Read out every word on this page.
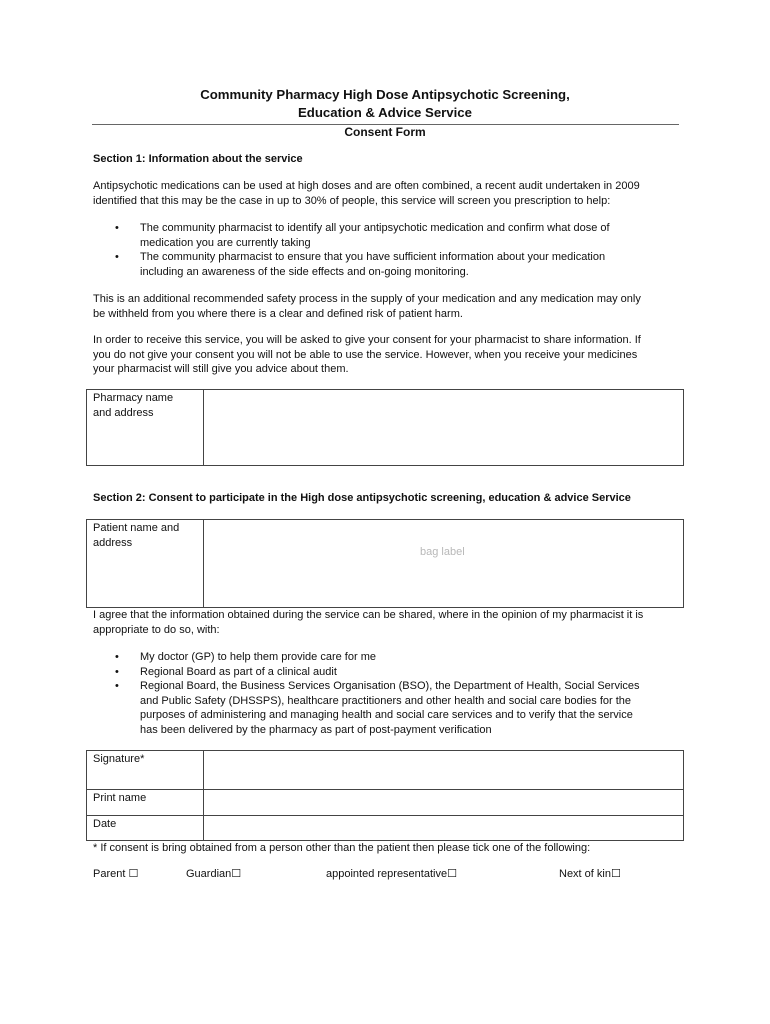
Community Pharmacy High Dose Antipsychotic Screening,
Education & Advice Service
Consent Form
Section 1: Information about the service
Antipsychotic medications can be used at high doses and are often combined, a recent audit undertaken in 2009
identified that this may be the case in up to 30% of people, this service will screen you prescription to help:
• The community pharmacist to identify all your antipsychotic medication and confirm what dose of
medication you are currently taking
• The community pharmacist to ensure that you have sufficient information about your medication
including an awareness of the side effects and on-going monitoring.
This is an additional recommended safety process in the supply of your medication and any medication may only
be withheld from you where there is a clear and defined risk of patient harm.
In order to receive this service, you will be asked to give your consent for your pharmacist to share information. If
you do not give your consent you will not be able to use the service. However, when you receive your medicines
your pharmacist will still give you advice about them.
Pharmacy name
and address
Section 2: Consent to participate in the High dose antipsychotic screening, education & advice Service
Patient name and
address
bag label
I agree that the information obtained during the service can be shared, where in the opinion of my pharmacist it is
appropriate to do so, with:
• My doctor (GP) to help them provide care for me
• Regional Board as part of a clinical audit
• Regional Board, the Business Services Organisation (BSO), the Department of Health, Social Services
and Public Safety (DHSSPS), healthcare practitioners and other health and social care bodies for the
purposes of administering and managing health and social care services and to verify that the service
has been delivered by the pharmacy as part of post-payment verification
Signature*
Print name
Date
* If consent is bring obtained from a person other than the patient then please tick one of the following:
Parent ☐	Guardian☐	appointed representative☐	Next of kin☐
